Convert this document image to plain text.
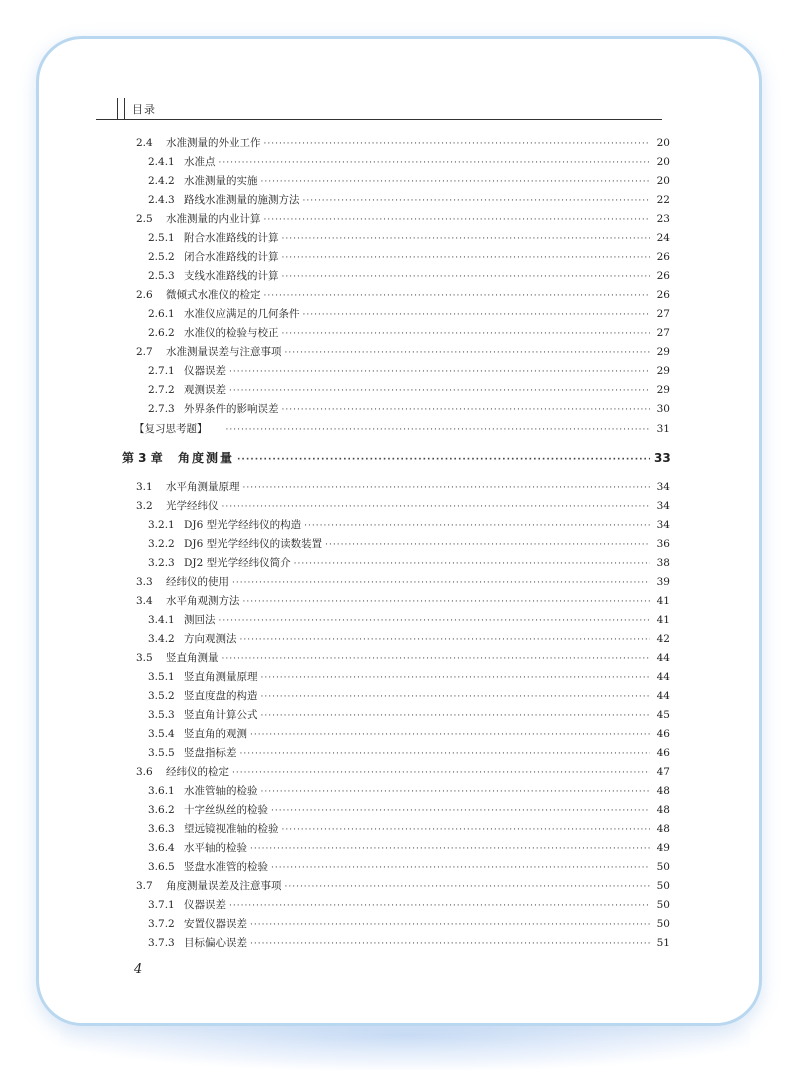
目录
2.4	水准测量的外业工作 ·····	20
2.4.1 水准点 ·····	20
2.4.2 水准测量的实施 ·····	20
2.4.3 路线水准测量的施测方法 ·····	22
2.5	水准测量的内业计算 ·····	23
2.5.1 附合水准路线的计算 ·····	24
2.5.2 闭合水准路线的计算 ·····	26
2.5.3 支线水准路线的计算 ·····	26
2.6	微倾式水准仪的检定 ·····	26
2.6.1 水准仪应满足的几何条件 ·····	27
2.6.2 水准仪的检验与校正 ·····	27
2.7	水准测量误差与注意事项 ·····	29
2.7.1 仪器误差 ·····	29
2.7.2 观测误差 ·····	29
2.7.3 外界条件的影响误差 ·····	30
【复习思考题】 ·····	31
第 3 章	角度测量 ·····	33
3.1	水平角测量原理 ·····	34
3.2	光学经纬仪 ·····	34
3.2.1 DJ6 型光学经纬仪的构造 ·····	34
3.2.2 DJ6 型光学经纬仪的读数装置 ·····	36
3.2.3 DJ2 型光学经纬仪简介 ·····	38
3.3	经纬仪的使用 ·····	39
3.4	水平角观测方法 ·····	41
3.4.1 测回法 ·····	41
3.4.2 方向观测法 ·····	42
3.5	竖直角测量 ·····	44
3.5.1 竖直角测量原理 ·····	44
3.5.2 竖直度盘的构造 ·····	44
3.5.3 竖直角计算公式 ·····	45
3.5.4 竖直角的观测 ·····	46
3.5.5 竖盘指标差 ·····	46
3.6	经纬仪的检定 ·····	47
3.6.1 水准管轴的检验 ·····	48
3.6.2 十字丝纵丝的检验 ·····	48
3.6.3 望远镜视准轴的检验 ·····	48
3.6.4 水平轴的检验 ·····	49
3.6.5 竖盘水准管的检验 ·····	50
3.7	角度测量误差及注意事项 ·····	50
3.7.1 仪器误差 ·····	50
3.7.2 安置仪器误差 ·····	50
3.7.3 目标偏心误差 ·····	51
4
